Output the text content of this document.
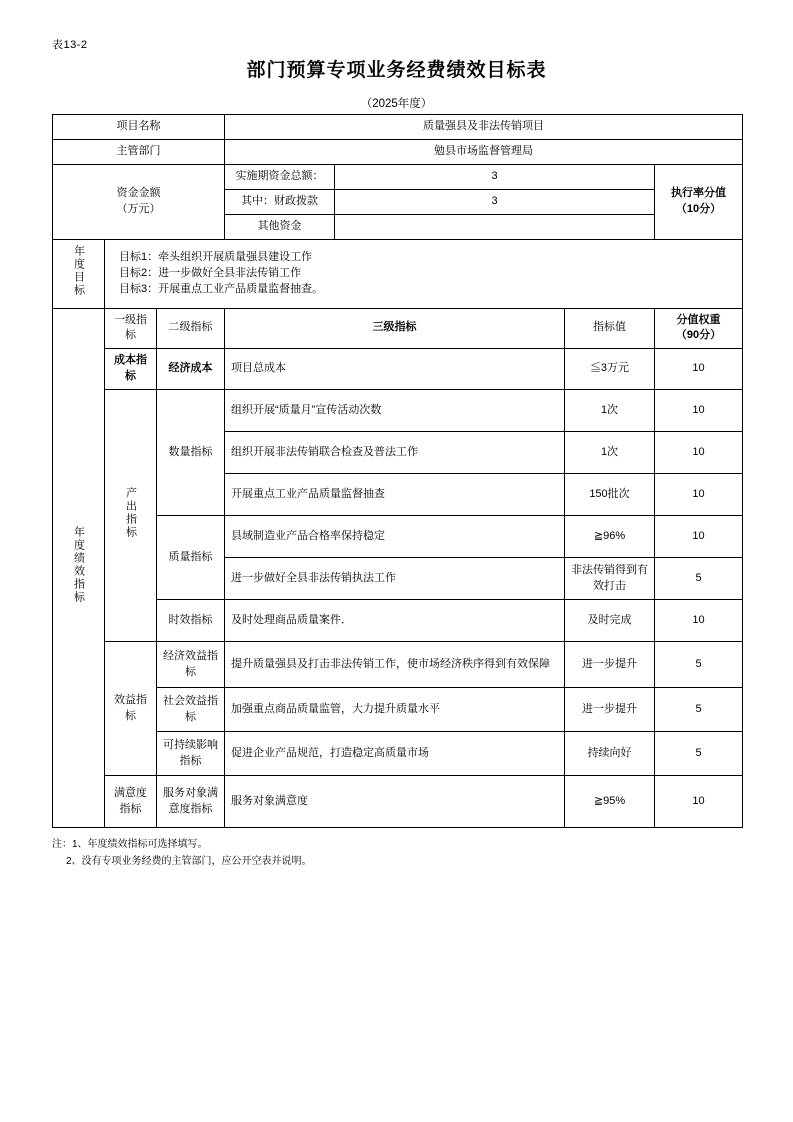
表13-2
部门预算专项业务经费绩效目标表
（2025年度）
项目名称			质量强县及非法传销项目			
主管部门			勉县市场监督管理局			

资金金额
（万元）
	实施期资金总额：	3	
执行率分值
（10分）

			其中：财政拨款	3		
			其他资金			
年度目标	目标1：牵头组织开展质量强县建设工作
目标2：进一步做好全县非法传销工作
目标3：开展重点工业产品质量监督抽查。					

年度绩效指标	一级指标	二级指标	三级指标		指标值	分值权重
（90分）

	成本指标	经济成本	项目总成本		≦3万元	10
	产出指标	数量指标	组织开展“质量月”宣传活动次数		1次	10
			组织开展非法传销联合检查及普法工作		1次	10
			开展重点工业产品质量监督抽查		150批次	10
		质量指标	县域制造业产品合格率保持稳定		≧96%	10
			进一步做好全县非法传销执法工作		非法传销得到有效打击	5
		时效指标	及时处理商品质量案件．		及时完成	10
	效益指标	经济效益指标	提升质量强县及打击非法传销工作，使市场经济秩序得到有效保障		进一步提升	5
		社会效益指标	加强重点商品质量监管，大力提升质量水平		进一步提升	5
		可持续影响指标	促进企业产品规范，打造稳定高质量市场		持续向好	5
	满意度指标	服务对象满意度指标	服务对象满意度		≧95%	10
注：1、年度绩效指标可选择填写。
2、没有专项业务经费的主管部门，应公开空表并说明。
